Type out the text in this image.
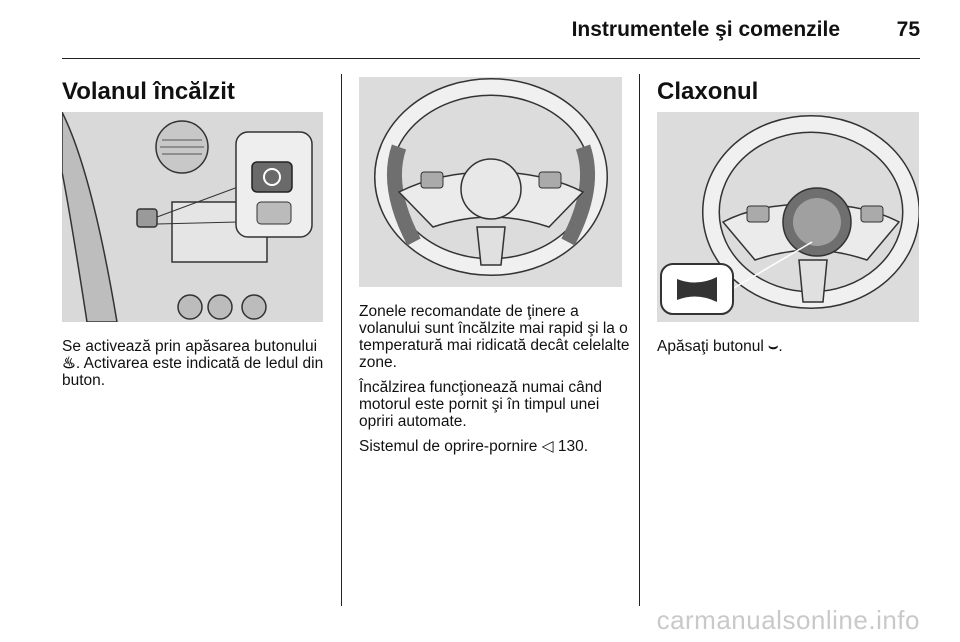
Instrumentele şi comenzile	75
Volanul încălzit

Se activează prin apăsarea butonului ♨. Activarea este indicată de ledul din buton.

Zonele recomandate de ţinere a volanului sunt încălzite mai rapid şi la o temperatură mai ridicată decât celelalte zone.

Încălzirea funcţionează numai când motorul este pornit şi în timpul unei opriri automate.

Sistemul de oprire-pornire ◁ 130.

Claxonul

Apăsaţi butonul ⌣.

carmanualsonline.info
